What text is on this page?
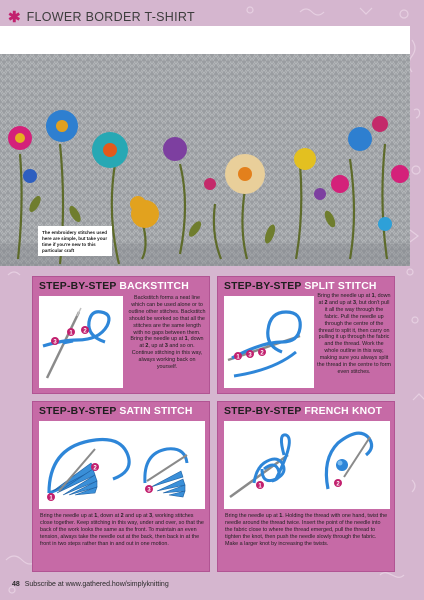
✱ FLOWER BORDER T-SHIRT
The embroidery stitches used here are simple, but take your time if you're new to this particular craft
STEP-BY-STEP BACKSTITCH
1 2
3
Backstitch forms a neat line which can be used alone or to outline other stitches. Backstitch should be worked so that all the stitches are the same length with no gaps between them. Bring the needle up at 1, down at 2, up at 3 and so on. Continue stitching in this way, always working back on yourself.
STEP-BY-STEP SPLIT STITCH
1 3 2
Bring the needle up at 1, down at 2 and up at 3, but don't pull it all the way through the fabric. Pull the needle up through the centre of the thread to split it, then carry on pulling it up through the fabric and the thread. Work the whole outline in this way, making sure you always split the thread in the centre to form even stitches.
STEP-BY-STEP SATIN STITCH
1
2
3
Bring the needle up at 1, down at 2 and up at 3, working stitches close together. Keep stitching in this way, under and over, so that the back of the work looks the same as the front. To maintain an even tension, always take the needle out at the back, then back in at the front in two steps rather than in and out in one motion.
STEP-BY-STEP FRENCH KNOT
1	2
Bring the needle up at 1. Holding the thread with one hand, twist the needle around the thread twice. Insert the point of the needle into the fabric close to where the thread emerged, pull the thread to tighten the knot, then push the needle slowly through the fabric. Make a larger knot by increasing the twists.
48 Subscribe at www.gathered.how/simplyknitting
